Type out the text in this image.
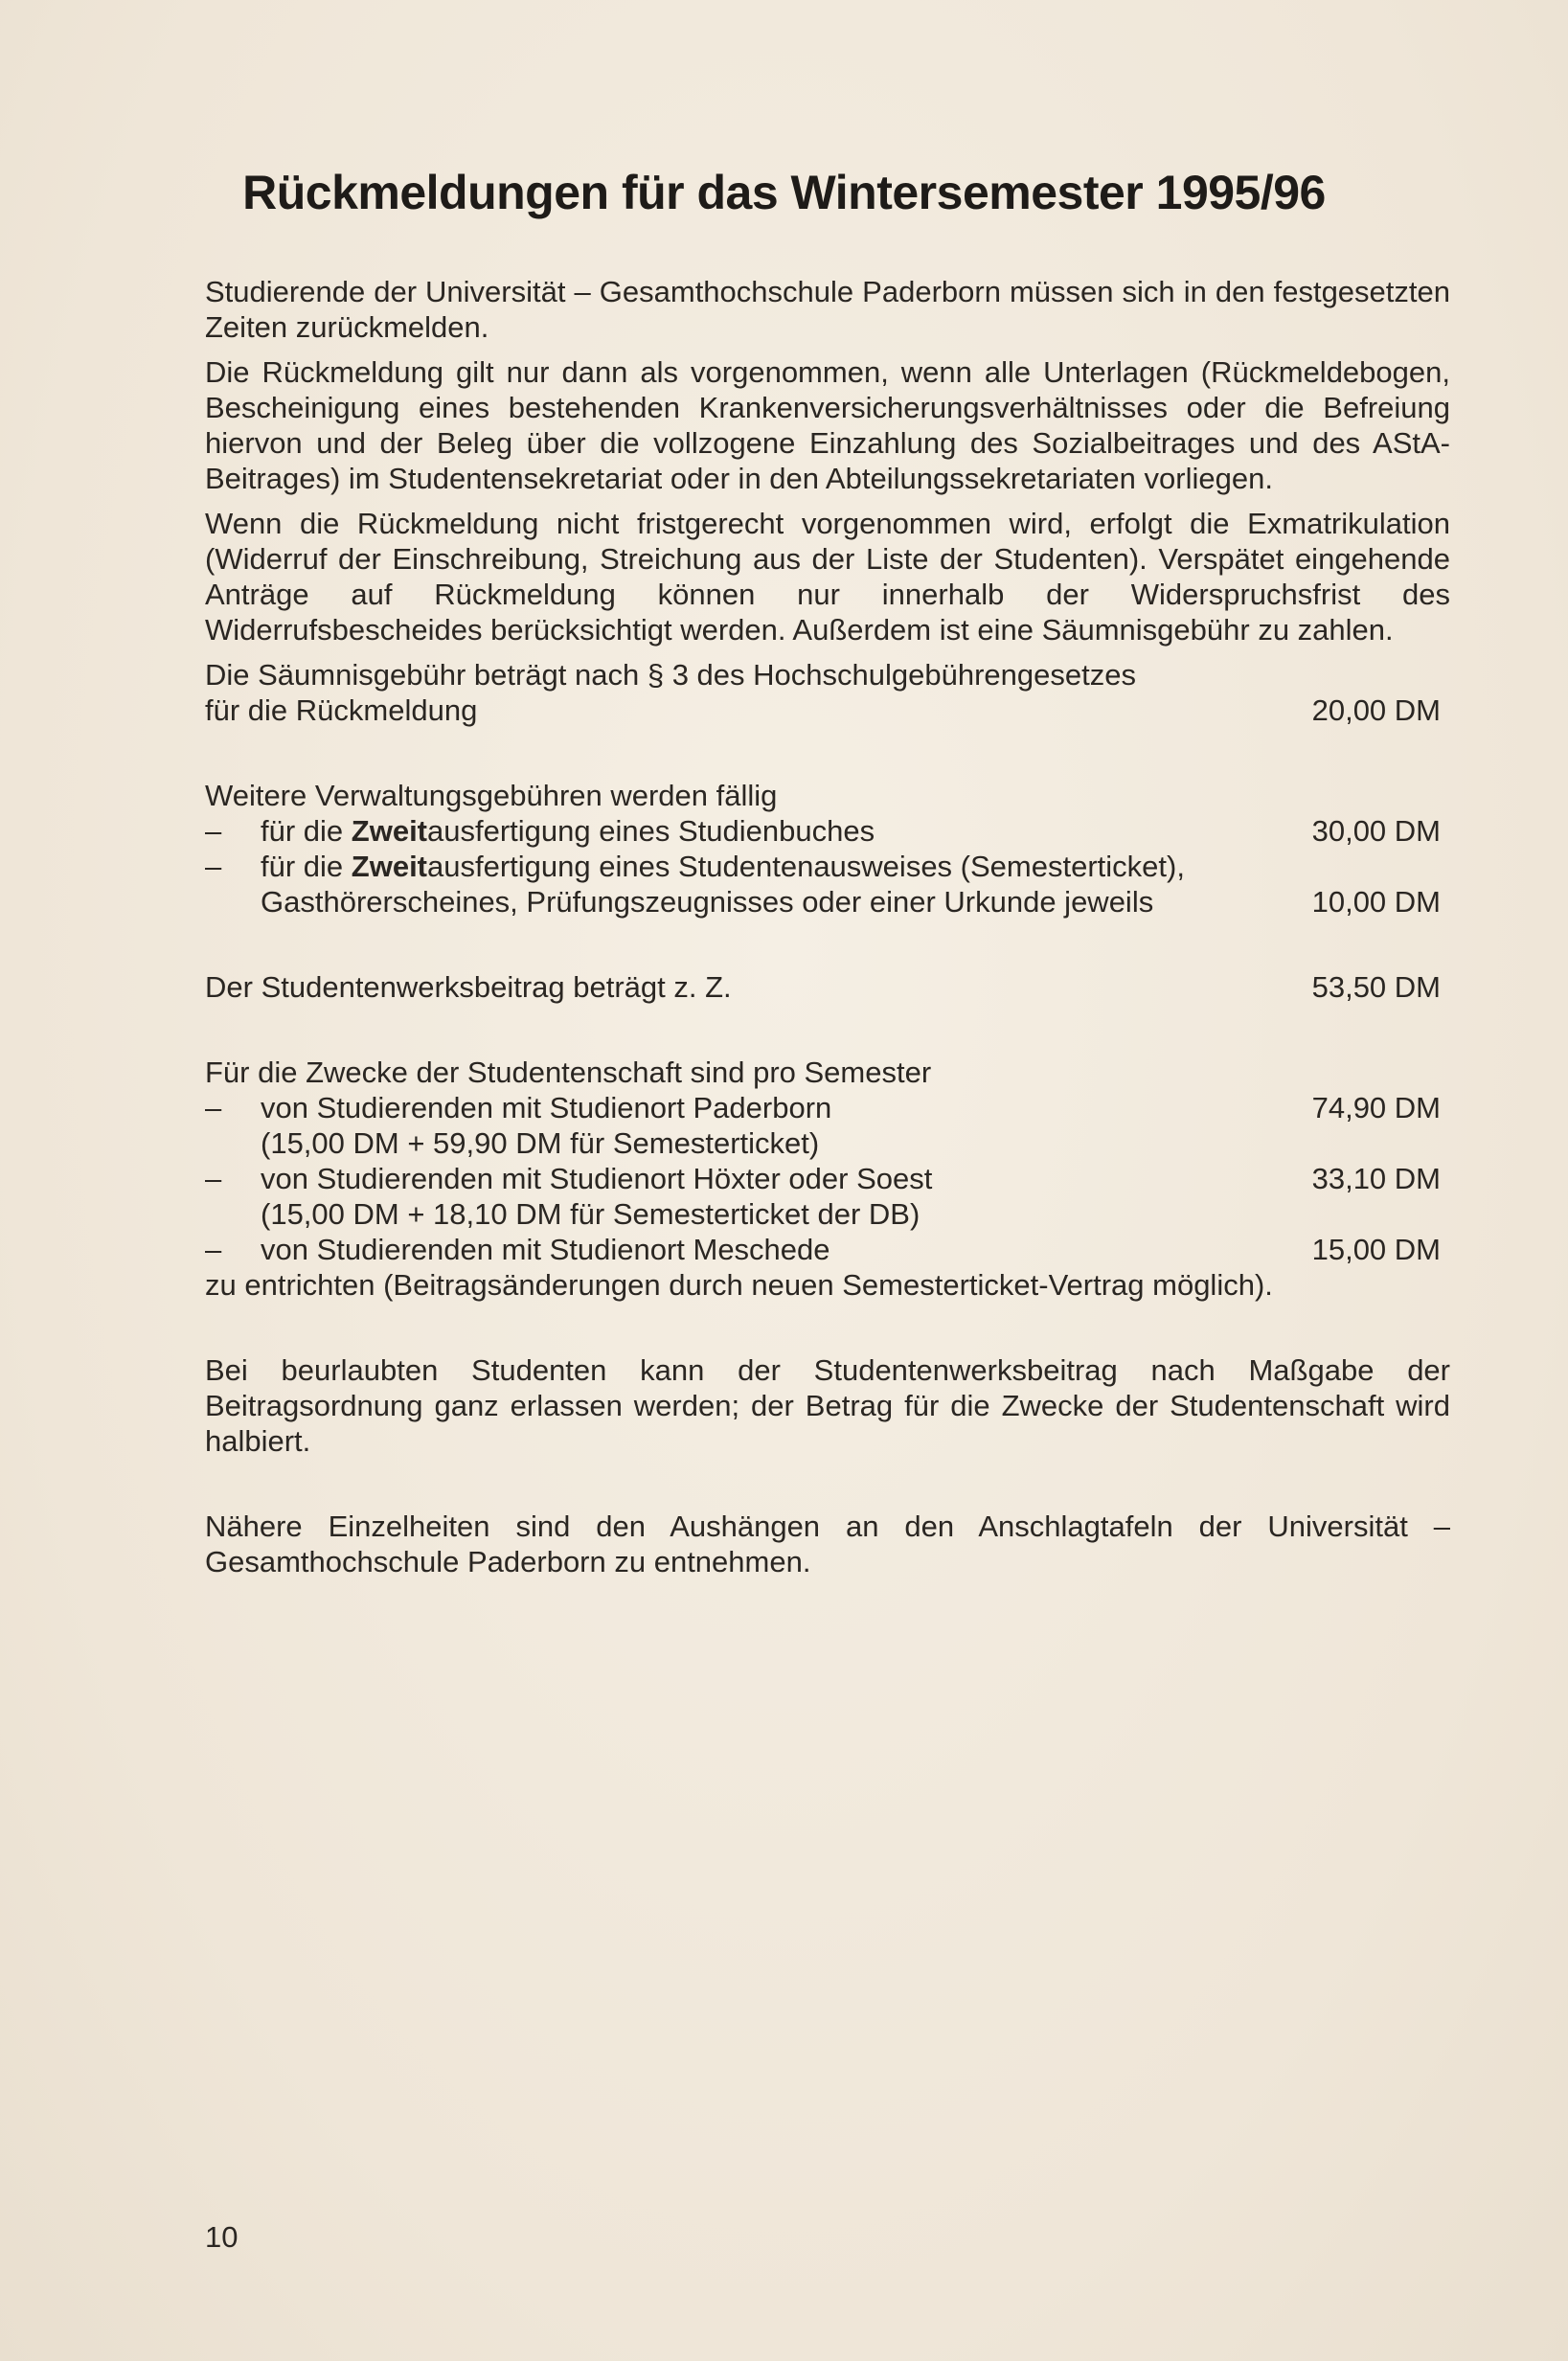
Rückmeldungen für das Wintersemester 1995/96

Studierende der Universität – Gesamthochschule Paderborn müssen sich in den festgesetzten Zeiten zurückmelden.

Die Rückmeldung gilt nur dann als vorgenommen, wenn alle Unterlagen (Rückmeldebogen, Bescheinigung eines bestehenden Krankenversicherungsverhältnisses oder die Befreiung hiervon und der Beleg über die vollzogene Einzahlung des Sozialbeitrages und des AStA- Beitrages) im Studentensekretariat oder in den Abteilungssekretariaten vorliegen.

Wenn die Rückmeldung nicht fristgerecht vorgenommen wird, erfolgt die Exmatrikulation (Widerruf der Einschreibung, Streichung aus der Liste der Studenten). Verspätet eingehende Anträge auf Rückmeldung können nur innerhalb der Widerspruchsfrist des Widerrufsbescheides berücksichtigt werden. Außerdem ist eine Säumnisgebühr zu zahlen.

Die Säumnisgebühr beträgt nach § 3 des Hochschulgebührengesetzes
für die Rückmeldung	20,00 DM
Weitere Verwaltungsgebühren werden fällig
–	für die Zweitausfertigung eines Studienbuches	30,00 DM
–	für die Zweitausfertigung eines Studentenausweises (Semesterticket),
Gasthörerscheines, Prüfungszeugnisses oder einer Urkunde jeweils	10,00 DM
Der Studentenwerksbeitrag beträgt z. Z.	53,50 DM
Für die Zwecke der Studentenschaft sind pro Semester
–	von Studierenden mit Studienort Paderborn	74,90 DM
(15,00 DM + 59,90 DM für Semesterticket)
–	von Studierenden mit Studienort Höxter oder Soest	33,10 DM
(15,00 DM + 18,10 DM für Semesterticket der DB)
–	von Studierenden mit Studienort Meschede	15,00 DM
zu entrichten (Beitragsänderungen durch neuen Semesterticket-Vertrag möglich).

Bei beurlaubten Studenten kann der Studentenwerksbeitrag nach Maßgabe der Beitragsordnung ganz erlassen werden; der Betrag für die Zwecke der Studentenschaft wird halbiert.

Nähere Einzelheiten sind den Aushängen an den Anschlagtafeln der Universität – Gesamthochschule Paderborn zu entnehmen.

10
